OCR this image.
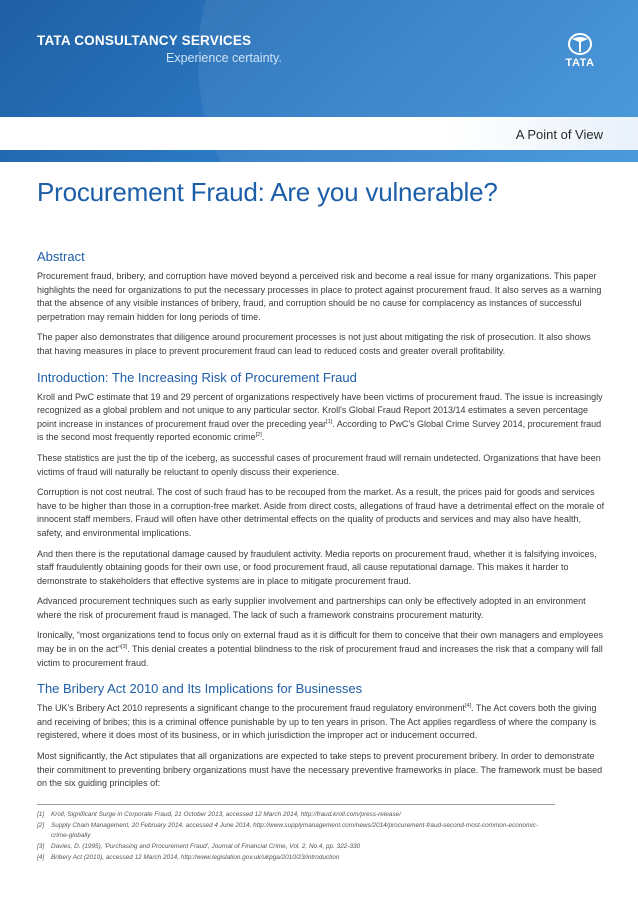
TATA CONSULTANCY SERVICES
Experience certainty.	TATA
A Point of View
Procurement Fraud: Are you vulnerable?
Abstract

Procurement fraud, bribery, and corruption have moved beyond a perceived risk and become a real issue for many organizations. This paper highlights the need for organizations to put the necessary processes in place to protect against procurement fraud. It also serves as a warning that the absence of any visible instances of bribery, fraud, and corruption should be no cause for complacency as instances of successful perpetration may remain hidden for long periods of time.

The paper also demonstrates that diligence around procurement processes is not just about mitigating the risk of prosecution. It also shows that having measures in place to prevent procurement fraud can lead to reduced costs and greater overall profitability.

Introduction: The Increasing Risk of Procurement Fraud

Kroll and PwC estimate that 19 and 29 percent of organizations respectively have been victims of procurement fraud. The issue is increasingly recognized as a global problem and not unique to any particular sector. Kroll's Global Fraud Report 2013/14 estimates a seven percentage point increase in instances of procurement fraud over the preceding year[1]. According to PwC's Global Crime Survey 2014, procurement fraud is the second most frequently reported economic crime[2].

These statistics are just the tip of the iceberg, as successful cases of procurement fraud will remain undetected. Organizations that have been victims of fraud will naturally be reluctant to openly discuss their experience.

Corruption is not cost neutral. The cost of such fraud has to be recouped from the market. As a result, the prices paid for goods and services have to be higher than those in a corruption-free market. Aside from direct costs, allegations of fraud have a detrimental effect on the morale of innocent staff members. Fraud will often have other detrimental effects on the quality of products and services and may also have health, safety, and environmental implications.

And then there is the reputational damage caused by fraudulent activity. Media reports on procurement fraud, whether it is falsifying invoices, staff fraudulently obtaining goods for their own use, or food procurement fraud, all cause reputational damage. This makes it harder to demonstrate to stakeholders that effective systems are in place to mitigate procurement fraud.

Advanced procurement techniques such as early supplier involvement and partnerships can only be effectively adopted in an environment where the risk of procurement fraud is managed. The lack of such a framework constrains procurement maturity.

Ironically, “most organizations tend to focus only on external fraud as it is difficult for them to conceive that their own managers and employees may be in on the act”[3]. This denial creates a potential blindness to the risk of procurement fraud and increases the risk that a company will fall victim to procurement fraud.

The Bribery Act 2010 and Its Implications for Businesses

The UK's Bribery Act 2010 represents a significant change to the procurement fraud regulatory environment[4]. The Act covers both the giving and receiving of bribes; this is a criminal offence punishable by up to ten years in prison. The Act applies regardless of where the company is registered, where it does most of its business, or in which jurisdiction the improper act or inducement occurred.

Most significantly, the Act stipulates that all organizations are expected to take steps to prevent procurement bribery. In order to demonstrate their commitment to preventing bribery organizations must have the necessary preventive frameworks in place. The framework must be based on the six guiding principles of:

[1]	Kroll, Significant Surge in Corporate Fraud, 21 October 2013, accessed 12 March 2014, http://fraud.kroll.com/press-release/
[2]	Supply Chain Management, 20 February 2014, accessed 4 June 2014, http://www.supplymanagement.com/news/2014/procurement-fraud-second-most-common-economic-crime-globally
[3]	Davies, D. (1995), 'Purchasing and Procurement Fraud', Journal of Financial Crime, Vol. 2, No.4, pp. 322-330
[4]	Bribery Act (2010), accessed 12 March 2014, http://www.legislation.gov.uk/ukpga/2010/23/introduction
